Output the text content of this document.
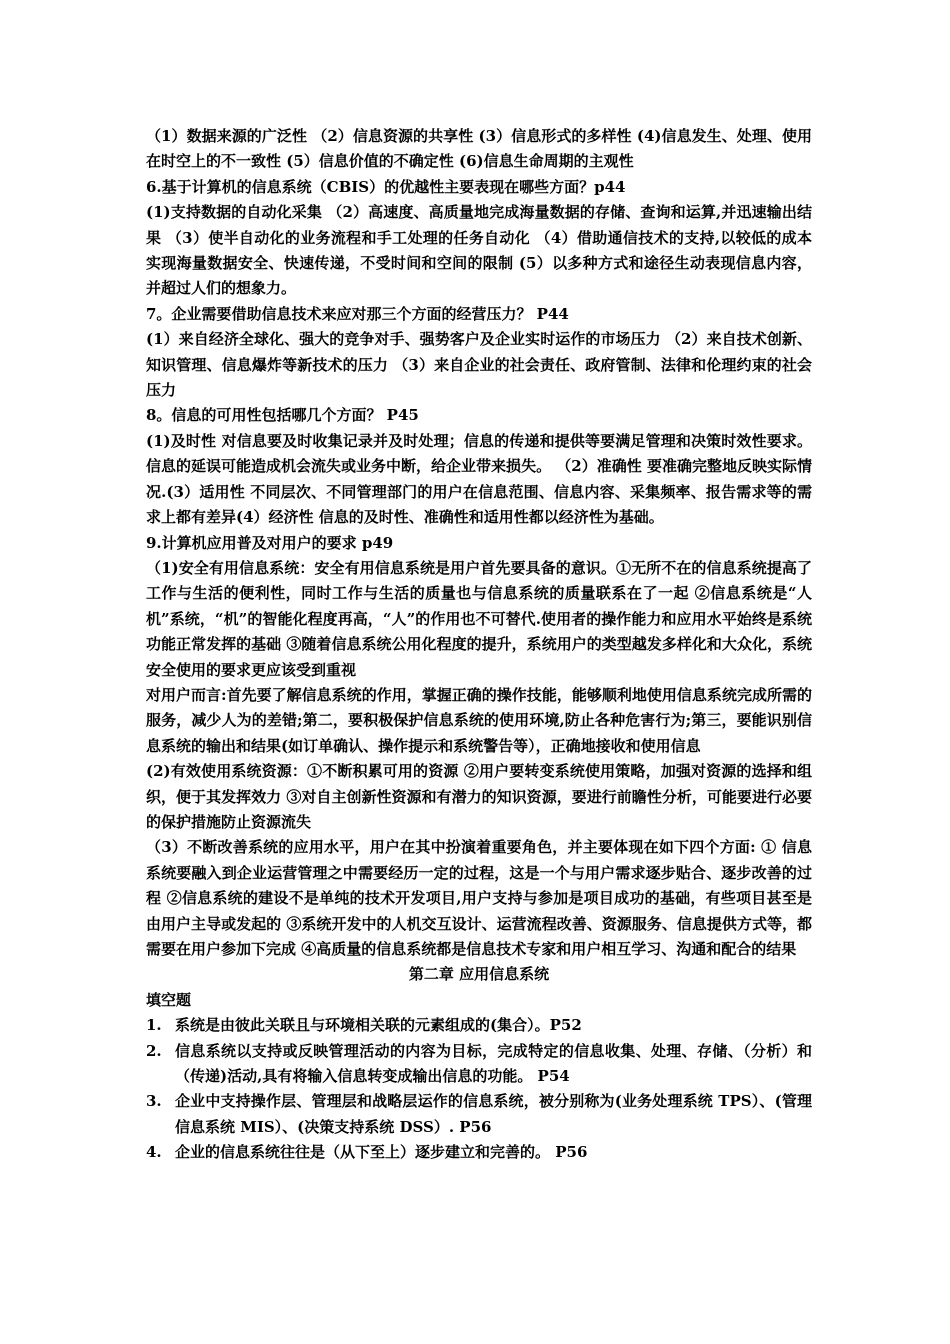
（1）数据来源的广泛性 （2）信息资源的共享性 (3）信息形式的多样性 (4)信息发生、处理、使用在时空上的不一致性 (5）信息价值的不确定性 (6)信息生命周期的主观性

6.基于计算机的信息系统（CBIS）的优越性主要表现在哪些方面？p44

(1)支持数据的自动化采集 （2）高速度、高质量地完成海量数据的存储、查询和运算,并迅速输出结果 （3）使半自动化的业务流程和手工处理的任务自动化 （4）借助通信技术的支持,以较低的成本实现海量数据安全、快速传递，不受时间和空间的限制 (5）以多种方式和途径生动表现信息内容，并超过人们的想象力。

7。企业需要借助信息技术来应对那三个方面的经营压力？ P44

(1）来自经济全球化、强大的竞争对手、强势客户及企业实时运作的市场压力 （2）来自技术创新、知识管理、信息爆炸等新技术的压力 （3）来自企业的社会责任、政府管制、法律和伦理约束的社会压力

8。信息的可用性包括哪几个方面？ P45

(1)及时性 对信息要及时收集记录并及时处理；信息的传递和提供等要满足管理和决策时效性要求。信息的延误可能造成机会流失或业务中断，给企业带来损失。 （2）准确性 要准确完整地反映实际情况.(3）适用性 不同层次、不同管理部门的用户在信息范围、信息内容、采集频率、报告需求等的需求上都有差异(4）经济性 信息的及时性、准确性和适用性都以经济性为基础。

9.计算机应用普及对用户的要求 p49

（1)安全有用信息系统：安全有用信息系统是用户首先要具备的意识。①无所不在的信息系统提高了工作与生活的便利性，同时工作与生活的质量也与信息系统的质量联系在了一起 ②信息系统是“人机”系统，“机”的智能化程度再高，“人”的作用也不可替代.使用者的操作能力和应用水平始终是系统功能正常发挥的基础 ③随着信息系统公用化程度的提升，系统用户的类型越发多样化和大众化，系统安全使用的要求更应该受到重视

对用户而言:首先要了解信息系统的作用，掌握正确的操作技能，能够顺利地使用信息系统完成所需的服务，减少人为的差错;第二，要积极保护信息系统的使用环境,防止各种危害行为;第三，要能识别信息系统的输出和结果(如订单确认、操作提示和系统警告等），正确地接收和使用信息

(2)有效使用系统资源：①不断积累可用的资源 ②用户要转变系统使用策略，加强对资源的选择和组织，便于其发挥效力 ③对自主创新性资源和有潜力的知识资源，要进行前瞻性分析，可能要进行必要的保护措施防止资源流失

（3）不断改善系统的应用水平，用户在其中扮演着重要角色，并主要体现在如下四个方面: ① 信息系统要融入到企业运营管理之中需要经历一定的过程，这是一个与用户需求逐步贴合、逐步改善的过程 ②信息系统的建设不是单纯的技术开发项目,用户支持与参加是项目成功的基础，有些项目甚至是由用户主导或发起的 ③系统开发中的人机交互设计、运营流程改善、资源服务、信息提供方式等，都需要在用户参加下完成 ④高质量的信息系统都是信息技术专家和用户相互学习、沟通和配合的结果

第二章 应用信息系统

填空题

1. 系统是由彼此关联且与环境相关联的元素组成的(集合）。P52
2. 信息系统以支持或反映管理活动的内容为目标，完成特定的信息收集、处理、存储、（分析）和（传递)活动,具有将输入信息转变成输出信息的功能。 P54
3. 企业中支持操作层、管理层和战略层运作的信息系统，被分别称为(业务处理系统 TPS）、(管理信息系统 MIS）、(决策支持系统 DSS）. P56
4. 企业的信息系统往往是（从下至上）逐步建立和完善的。 P56
